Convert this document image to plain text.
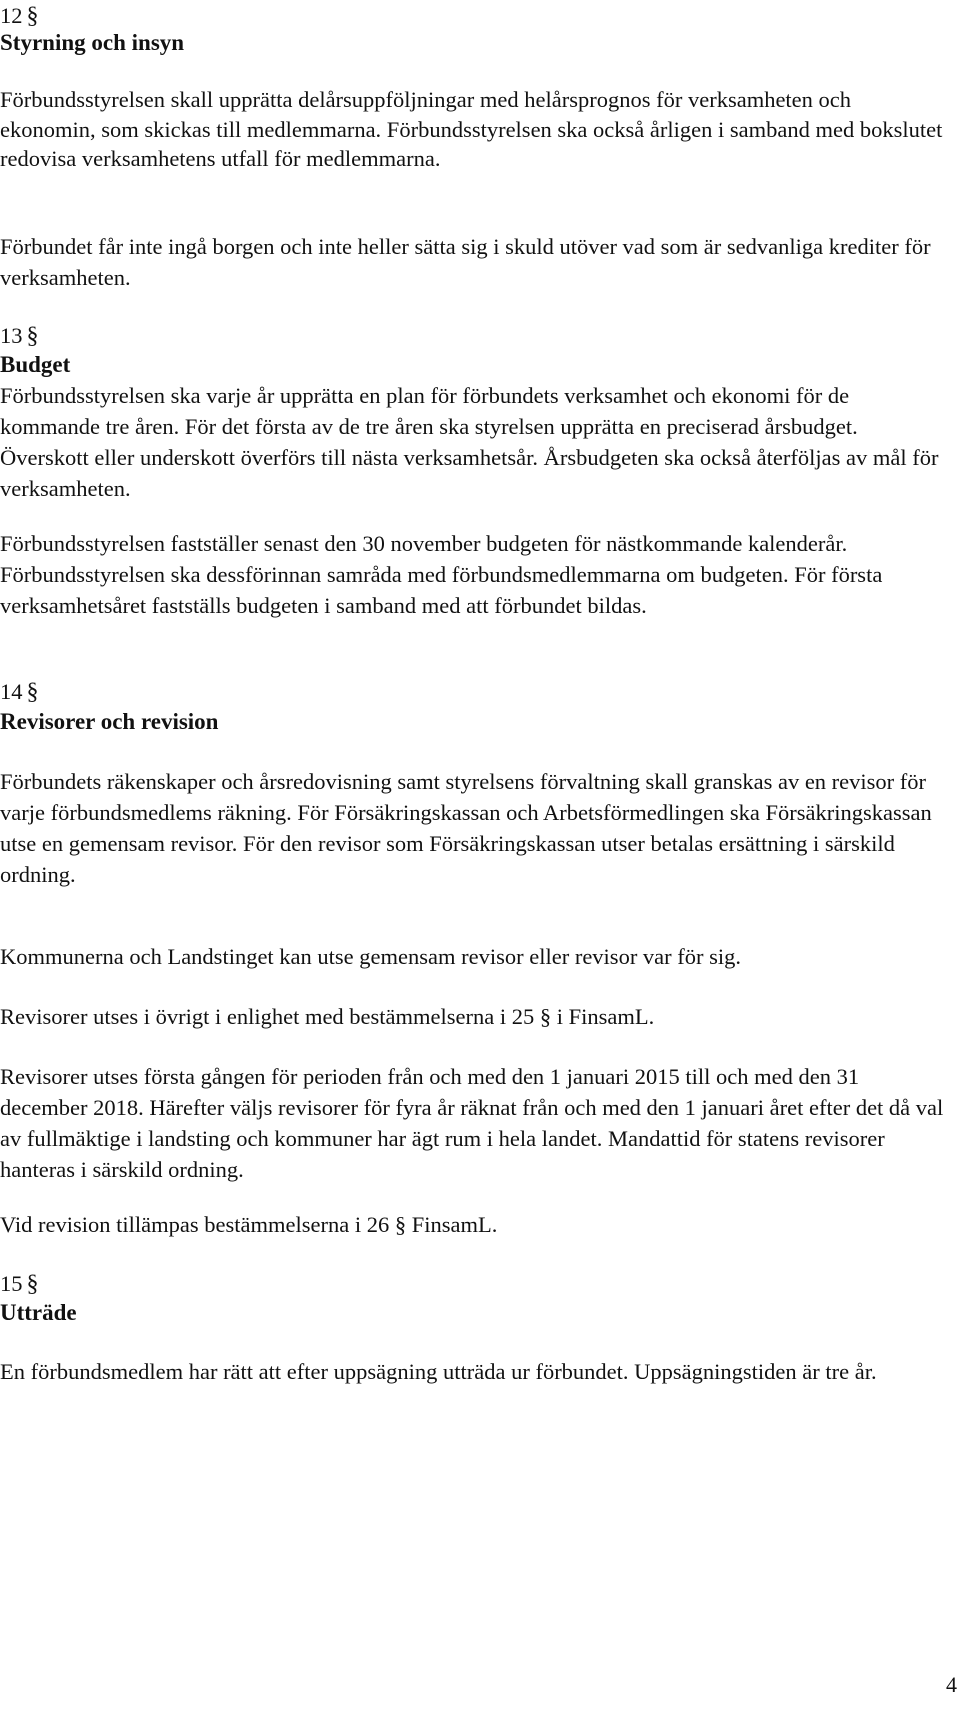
12 §
Styrning och insyn

Förbundsstyrelsen skall upprätta delårsuppföljningar med helårsprognos för verksamheten och ekonomin, som skickas till medlemmarna. Förbundsstyrelsen ska också årligen i samband med bokslutet redovisa verksamhetens utfall för medlemmarna.

Förbundet får inte ingå borgen och inte heller sätta sig i skuld utöver vad som är sedvanliga krediter för verksamheten.

13 §
Budget

Förbundsstyrelsen ska varje år upprätta en plan för förbundets verksamhet och ekonomi för de kommande tre åren. För det första av de tre åren ska styrelsen upprätta en preciserad årsbudget. Överskott eller underskott överförs till nästa verksamhetsår. Årsbudgeten ska också återföljas av mål för verksamheten.

Förbundsstyrelsen fastställer senast den 30 november budgeten för nästkommande kalenderår. Förbundsstyrelsen ska dessförinnan samråda med förbundsmedlemmarna om budgeten. För första verksamhetsåret fastställs budgeten i samband med att förbundet bildas.

14 §
Revisorer och revision

Förbundets räkenskaper och årsredovisning samt styrelsens förvaltning skall granskas av en revisor för varje förbundsmedlems räkning. För Försäkringskassan och Arbetsförmedlingen ska Försäkringskassan utse en gemensam revisor. För den revisor som Försäkringskassan utser betalas ersättning i särskild ordning.

Kommunerna och Landstinget kan utse gemensam revisor eller revisor var för sig.

Revisorer utses i övrigt i enlighet med bestämmelserna i 25 § i FinsamL.

Revisorer utses första gången för perioden från och med den 1 januari 2015 till och med den 31 december 2018. Härefter väljs revisorer för fyra år räknat från och med den 1 januari året efter det då val av fullmäktige i landsting och kommuner har ägt rum i hela landet. Mandattid för statens revisorer hanteras i särskild ordning.

Vid revision tillämpas bestämmelserna i 26 § FinsamL.

15 §
Utträde

En förbundsmedlem har rätt att efter uppsägning utträda ur förbundet. Uppsägningstiden är tre år.

4
